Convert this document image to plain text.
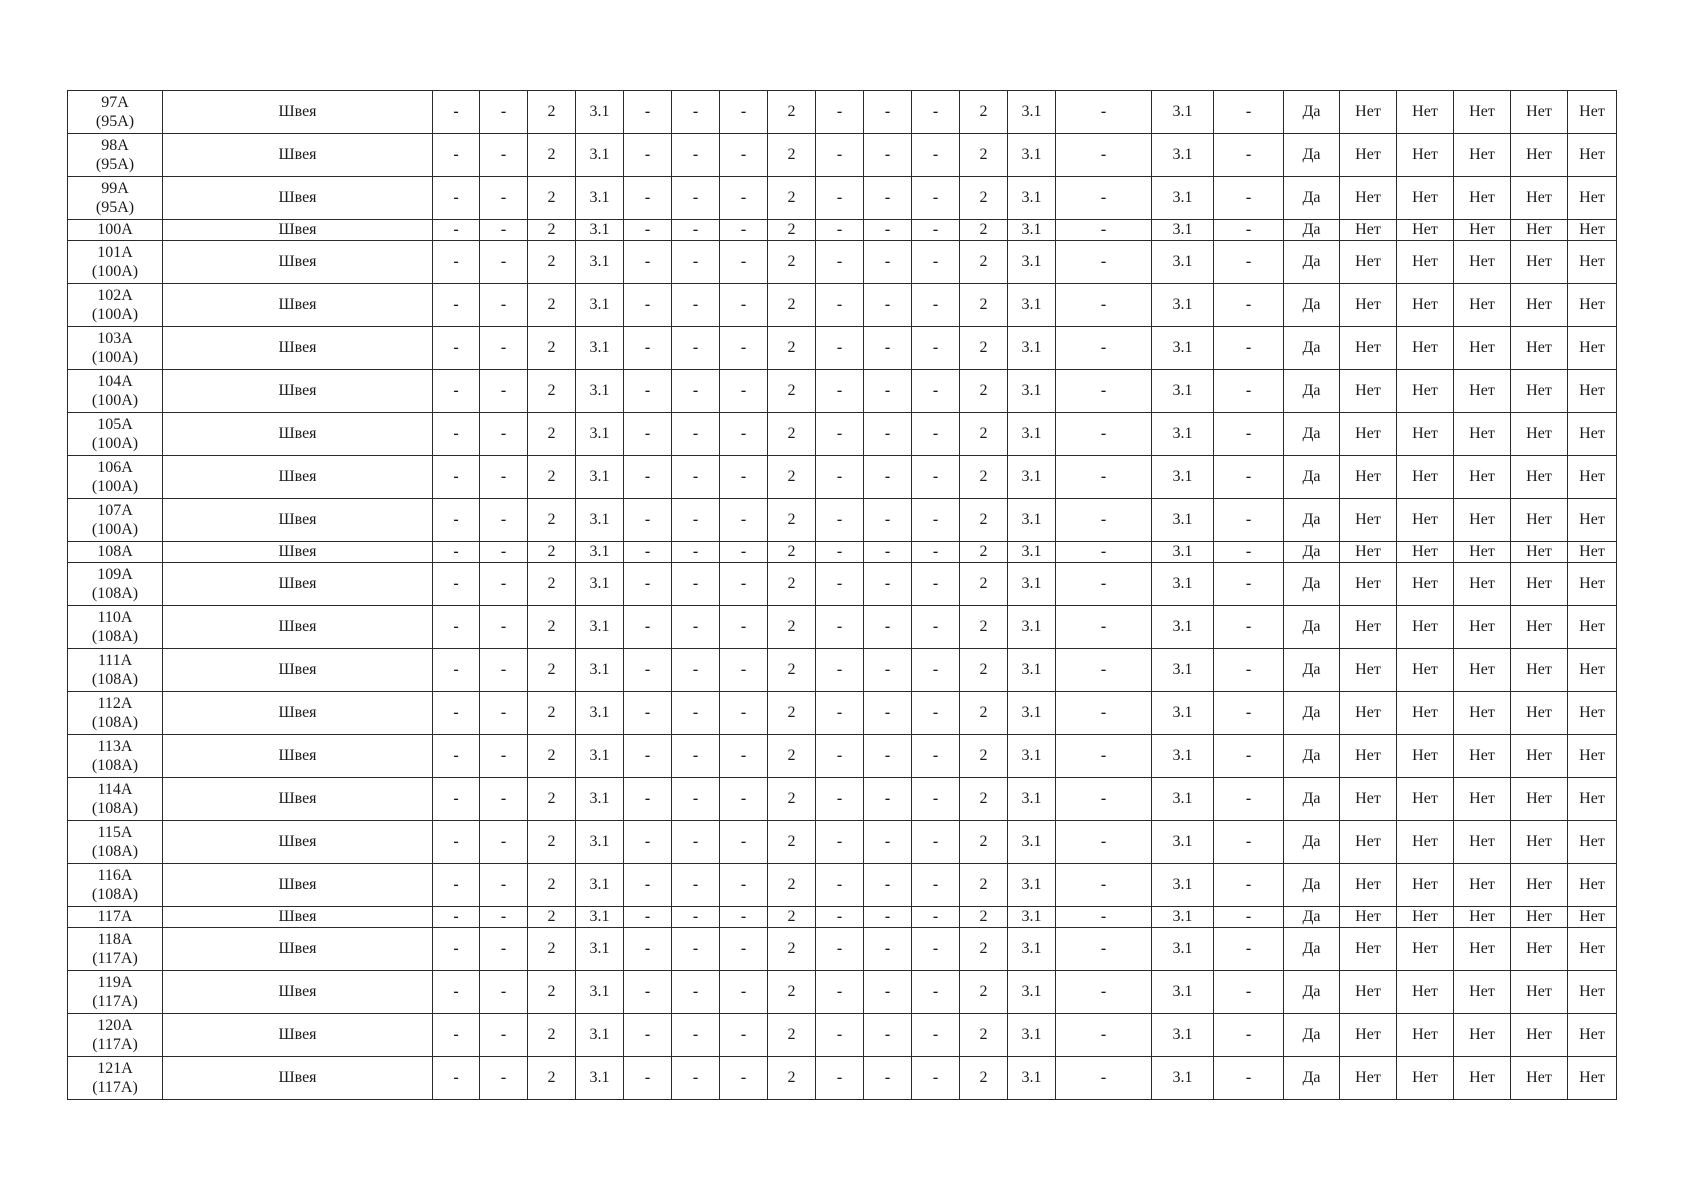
97А
(95А)	Швея	-	-	2	3.1	-	-	-	2	-	-	-	2	3.1	-	3.1	-	Да	Нет	Нет	Нет	Нет	Нет
98А
(95А)	Швея	-	-	2	3.1	-	-	-	2	-	-	-	2	3.1	-	3.1	-	Да	Нет	Нет	Нет	Нет	Нет
99А
(95А)	Швея	-	-	2	3.1	-	-	-	2	-	-	-	2	3.1	-	3.1	-	Да	Нет	Нет	Нет	Нет	Нет
100А	Швея	-	-	2	3.1	-	-	-	2	-	-	-	2	3.1	-	3.1	-	Да	Нет	Нет	Нет	Нет	Нет
101А
(100А)	Швея	-	-	2	3.1	-	-	-	2	-	-	-	2	3.1	-	3.1	-	Да	Нет	Нет	Нет	Нет	Нет
102А
(100А)	Швея	-	-	2	3.1	-	-	-	2	-	-	-	2	3.1	-	3.1	-	Да	Нет	Нет	Нет	Нет	Нет
103А
(100А)	Швея	-	-	2	3.1	-	-	-	2	-	-	-	2	3.1	-	3.1	-	Да	Нет	Нет	Нет	Нет	Нет
104А
(100А)	Швея	-	-	2	3.1	-	-	-	2	-	-	-	2	3.1	-	3.1	-	Да	Нет	Нет	Нет	Нет	Нет
105А
(100А)	Швея	-	-	2	3.1	-	-	-	2	-	-	-	2	3.1	-	3.1	-	Да	Нет	Нет	Нет	Нет	Нет
106А
(100А)	Швея	-	-	2	3.1	-	-	-	2	-	-	-	2	3.1	-	3.1	-	Да	Нет	Нет	Нет	Нет	Нет
107А
(100А)	Швея	-	-	2	3.1	-	-	-	2	-	-	-	2	3.1	-	3.1	-	Да	Нет	Нет	Нет	Нет	Нет
108А	Швея	-	-	2	3.1	-	-	-	2	-	-	-	2	3.1	-	3.1	-	Да	Нет	Нет	Нет	Нет	Нет
109А
(108А)	Швея	-	-	2	3.1	-	-	-	2	-	-	-	2	3.1	-	3.1	-	Да	Нет	Нет	Нет	Нет	Нет
110А
(108А)	Швея	-	-	2	3.1	-	-	-	2	-	-	-	2	3.1	-	3.1	-	Да	Нет	Нет	Нет	Нет	Нет
111А
(108А)	Швея	-	-	2	3.1	-	-	-	2	-	-	-	2	3.1	-	3.1	-	Да	Нет	Нет	Нет	Нет	Нет
112А
(108А)	Швея	-	-	2	3.1	-	-	-	2	-	-	-	2	3.1	-	3.1	-	Да	Нет	Нет	Нет	Нет	Нет
113А
(108А)	Швея	-	-	2	3.1	-	-	-	2	-	-	-	2	3.1	-	3.1	-	Да	Нет	Нет	Нет	Нет	Нет
114А
(108А)	Швея	-	-	2	3.1	-	-	-	2	-	-	-	2	3.1	-	3.1	-	Да	Нет	Нет	Нет	Нет	Нет
115А
(108А)	Швея	-	-	2	3.1	-	-	-	2	-	-	-	2	3.1	-	3.1	-	Да	Нет	Нет	Нет	Нет	Нет
116А
(108А)	Швея	-	-	2	3.1	-	-	-	2	-	-	-	2	3.1	-	3.1	-	Да	Нет	Нет	Нет	Нет	Нет
117А	Швея	-	-	2	3.1	-	-	-	2	-	-	-	2	3.1	-	3.1	-	Да	Нет	Нет	Нет	Нет	Нет
118А
(117А)	Швея	-	-	2	3.1	-	-	-	2	-	-	-	2	3.1	-	3.1	-	Да	Нет	Нет	Нет	Нет	Нет
119А
(117А)	Швея	-	-	2	3.1	-	-	-	2	-	-	-	2	3.1	-	3.1	-	Да	Нет	Нет	Нет	Нет	Нет
120А
(117А)	Швея	-	-	2	3.1	-	-	-	2	-	-	-	2	3.1	-	3.1	-	Да	Нет	Нет	Нет	Нет	Нет
121А
(117А)	Швея	-	-	2	3.1	-	-	-	2	-	-	-	2	3.1	-	3.1	-	Да	Нет	Нет	Нет	Нет	Нет
